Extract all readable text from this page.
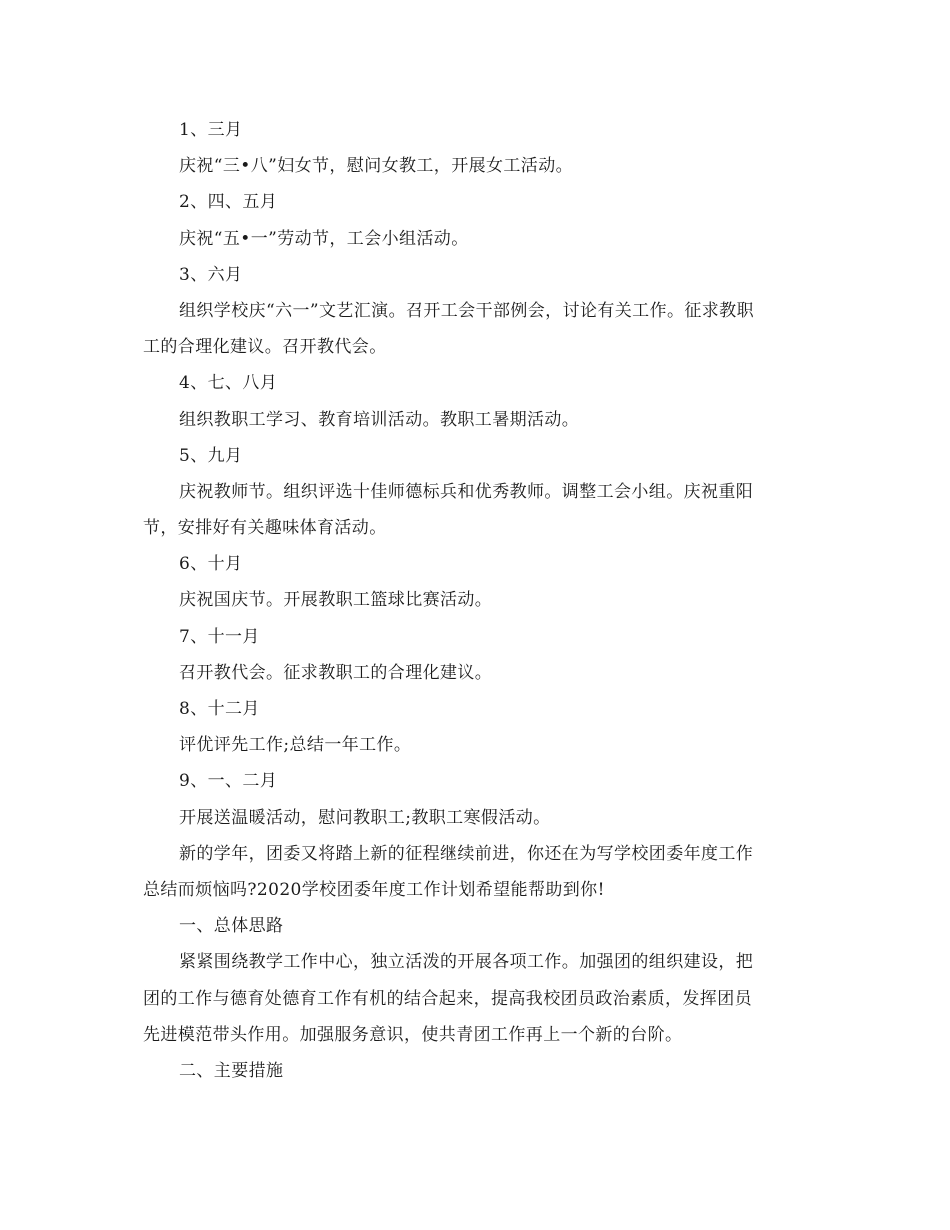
1、三月
庆祝“三•八”妇女节，慰问女教工，开展女工活动。
2、四、五月
庆祝“五•一”劳动节，工会小组活动。
3、六月
组织学校庆“六一”文艺汇演。召开工会干部例会，讨论有关工作。征求教职
工的合理化建议。召开教代会。
4、七、八月
组织教职工学习、教育培训活动。教职工暑期活动。
5、九月
庆祝教师节。组织评选十佳师德标兵和优秀教师。调整工会小组。庆祝重阳
节，安排好有关趣味体育活动。
6、十月
庆祝国庆节。开展教职工篮球比赛活动。
7、十一月
召开教代会。征求教职工的合理化建议。
8、十二月
评优评先工作;总结一年工作。
9、一、二月
开展送温暖活动，慰问教职工;教职工寒假活动。
新的学年，团委又将踏上新的征程继续前进，你还在为写学校团委年度工作
总结而烦恼吗?2020学校团委年度工作计划希望能帮助到你!
一、总体思路
紧紧围绕教学工作中心，独立活泼的开展各项工作。加强团的组织建设，把
团的工作与德育处德育工作有机的结合起来，提高我校团员政治素质，发挥团员
先进模范带头作用。加强服务意识，使共青团工作再上一个新的台阶。
二、主要措施
